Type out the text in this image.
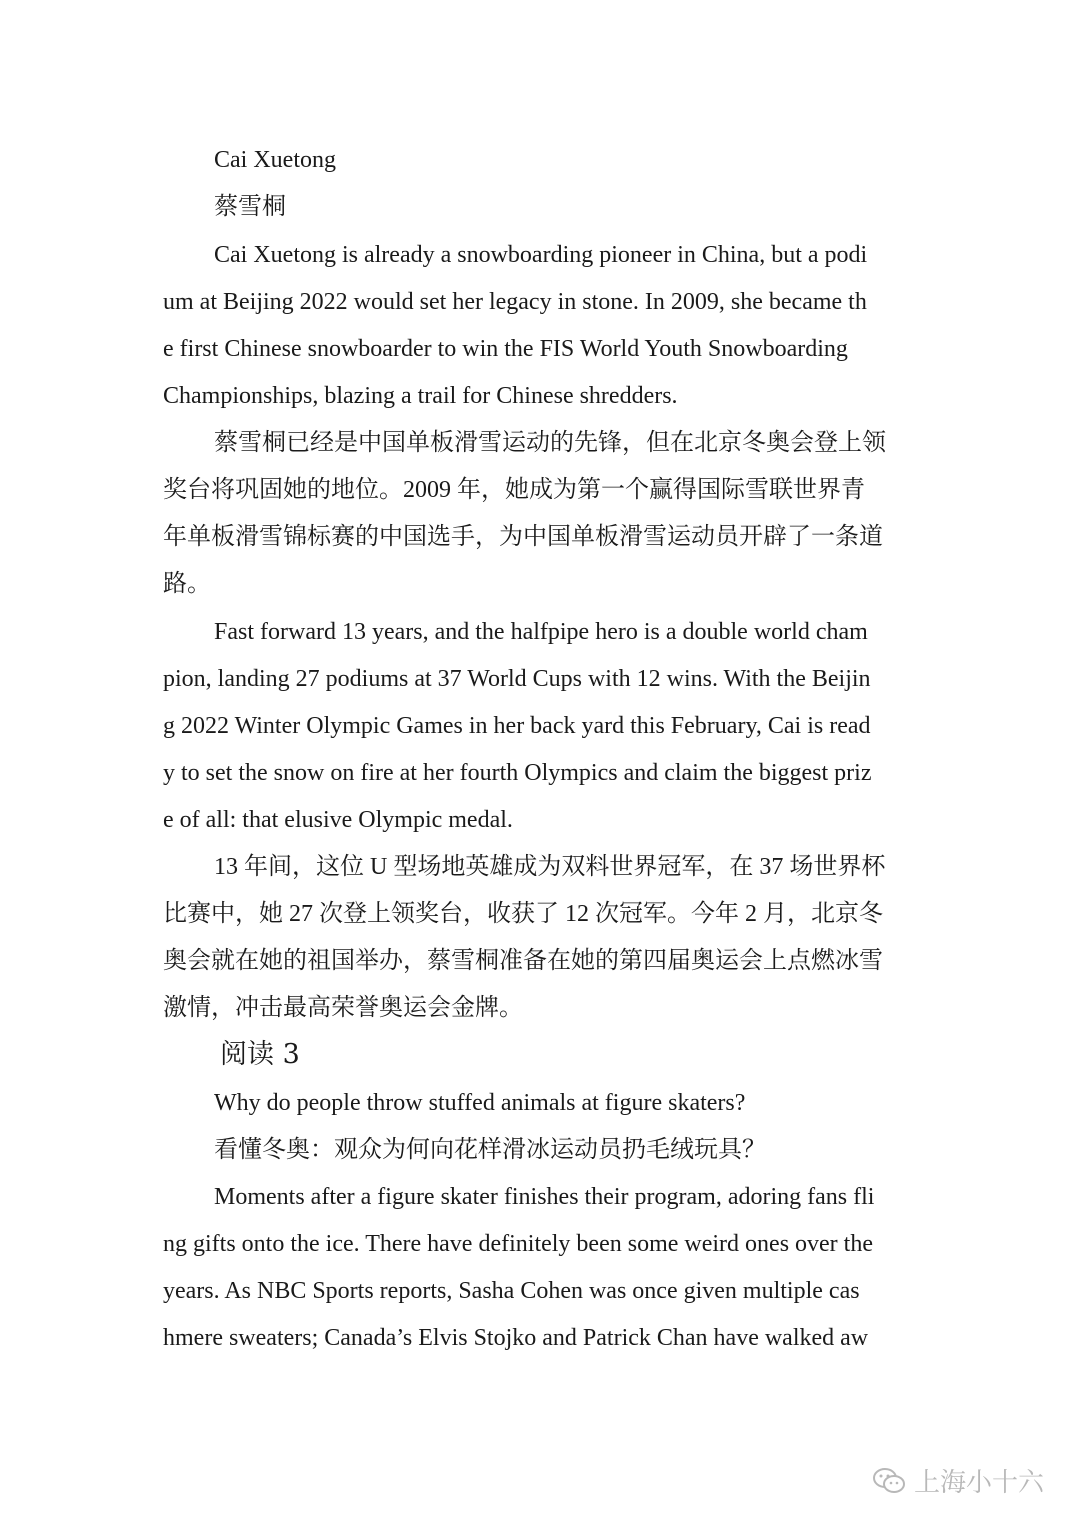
Cai Xuetong
蔡雪桐
Cai Xuetong is already a snowboarding pioneer in China, but a podi
um at Beijing 2022 would set her legacy in stone. In 2009, she became th
e first Chinese snowboarder to win the FIS World Youth Snowboarding
Championships, blazing a trail for Chinese shredders.
蔡雪桐已经是中国单板滑雪运动的先锋，但在北京冬奥会登上领
奖台将巩固她的地位。2009 年，她成为第一个赢得国际雪联世界青
年单板滑雪锦标赛的中国选手，为中国单板滑雪运动员开辟了一条道
路。
Fast forward 13 years, and the halfpipe hero is a double world cham
pion, landing 27 podiums at 37 World Cups with 12 wins. With the Beijin
g 2022 Winter Olympic Games in her back yard this February, Cai is read
y to set the snow on fire at her fourth Olympics and claim the biggest priz
e of all: that elusive Olympic medal.
13 年间，这位 U 型场地英雄成为双料世界冠军，在 37 场世界杯
比赛中，她 27 次登上领奖台，收获了 12 次冠军。今年 2 月，北京冬
奥会就在她的祖国举办，蔡雪桐准备在她的第四届奥运会上点燃冰雪
激情，冲击最高荣誉奥运会金牌。
阅读 3
Why do people throw stuffed animals at figure skaters?
看懂冬奥：观众为何向花样滑冰运动员扔毛绒玩具？
Moments after a figure skater finishes their program, adoring fans fli
ng gifts onto the ice. There have definitely been some weird ones over the
years. As NBC Sports reports, Sasha Cohen was once given multiple cas
hmere sweaters; Canada’s Elvis Stojko and Patrick Chan have walked aw
上海小十六
